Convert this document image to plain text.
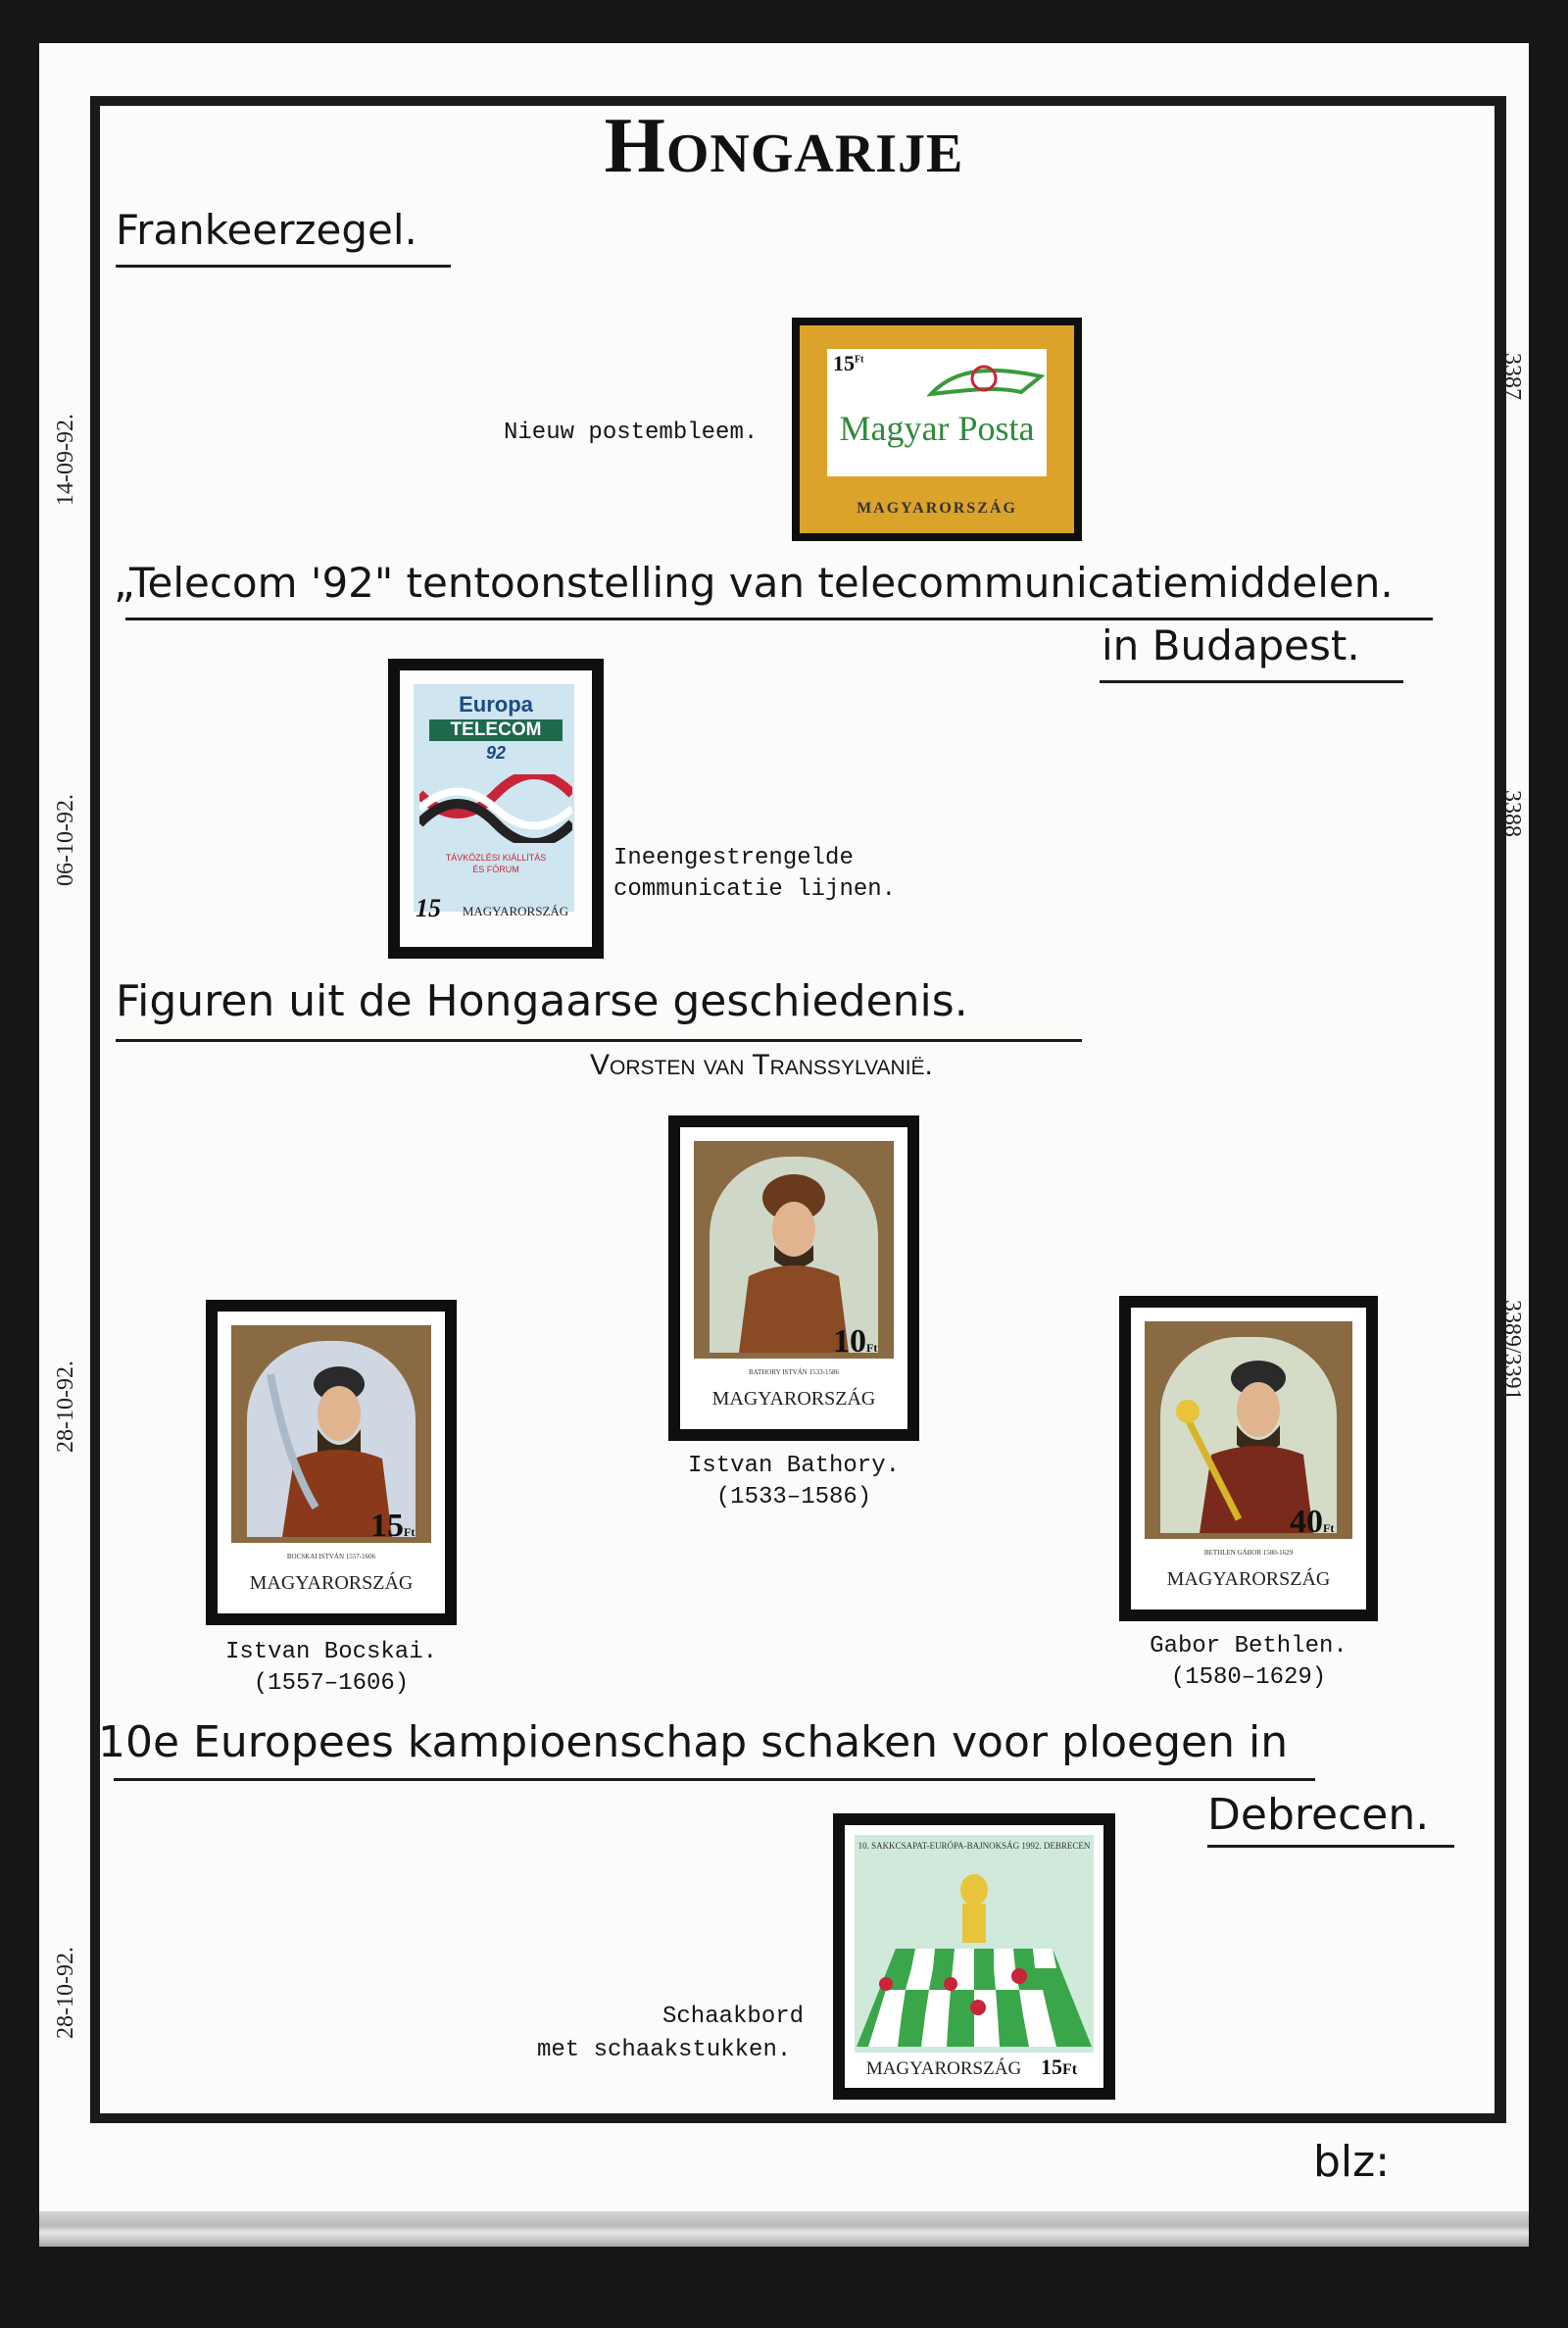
Hongarije
Frankeerzegel.
14-09-92.
3387
Nieuw postembleem.
$15^{Ft}$
Magyar Posta
MAGYARORSZÁG
„Telecom '92" tentoonstelling van telecommunicatiemiddelen.
in Budapest.
06-10-92.	3388
Europa
TELECOM
92
TÁVKÖZLÉSI KIÁLLÍTÁS
ÉS FÓRUM
15	MAGYARORSZÁG
Ineengestrengelde
communicatie lijnen.
Figuren uit de Hongaarse geschiedenis.
Vorsten van Transsylvanië.
28-10-92.
3389/3391
BATHORY ISTVÁN 1533-1586
10Ft
MAGYARORSZÁG
Istvan Bathory.
(1533–1586)
BOCSKAI ISTVÁN 1557-1606
15Ft
MAGYARORSZÁG
Istvan Bocskai.
(1557–1606)
BETHLEN GÁBOR 1580-1629
40Ft
MAGYARORSZÁG
Gabor Bethlen.
(1580–1629)
10e Europees kampioenschap schaken voor ploegen in
Debrecen.
28-10-92.
10. SAKKCSAPAT-EURÓPA-BAJNOKSÁG 1992. DEBRECEN
MAGYARORSZÁG 15Ft
Schaakbord
met schaakstukken.
blz:
